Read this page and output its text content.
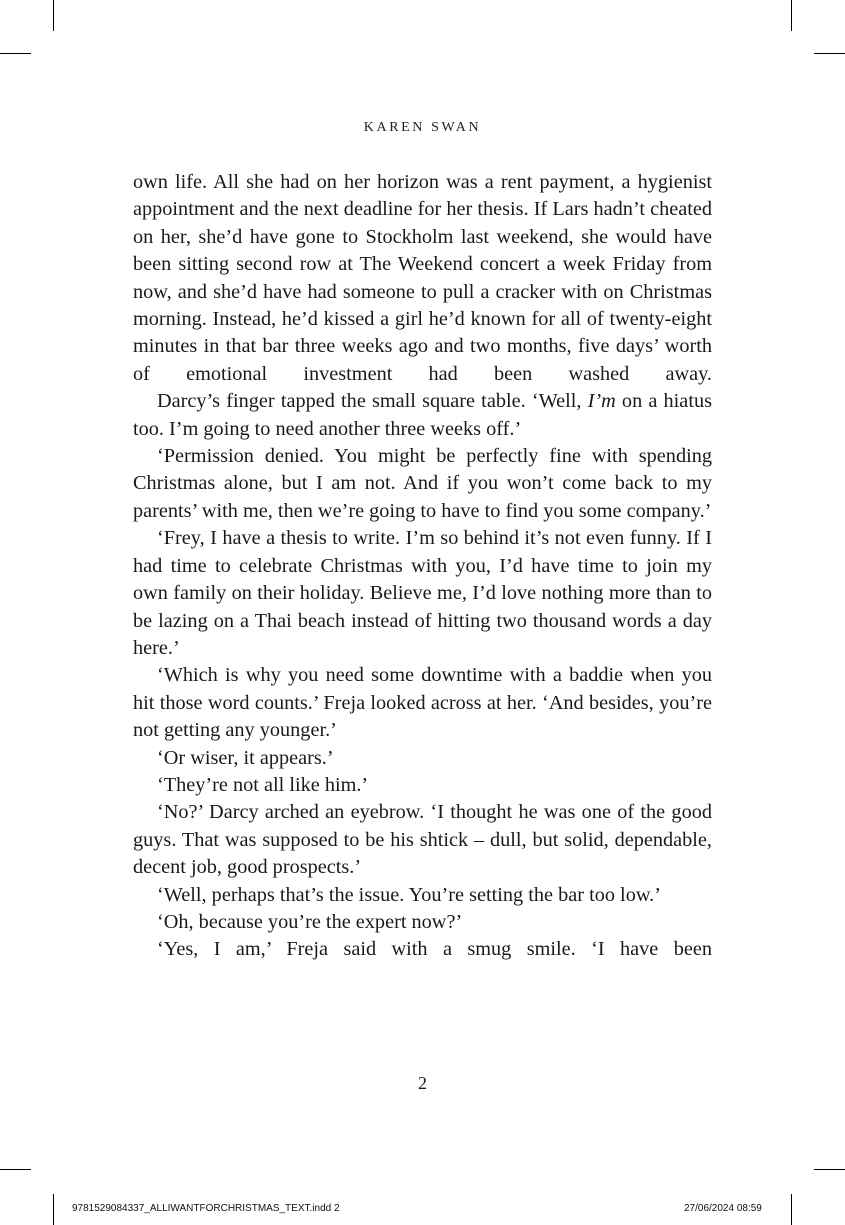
KAREN SWAN

own life. All she had on her horizon was a rent payment, a hygienist appointment and the next deadline for her thesis. If Lars hadn’t cheated on her, she’d have gone to Stockholm last weekend, she would have been sitting second row at The Weekend concert a week Friday from now, and she’d have had someone to pull a cracker with on Christmas morning. Instead, he’d kissed a girl he’d known for all of twenty-eight minutes in that bar three weeks ago and two months, five days’ worth of emotional investment had been washed away.

Darcy’s finger tapped the small square table. ‘Well, I’m on a hiatus too. I’m going to need another three weeks off.’

‘Permission denied. You might be perfectly fine with spending Christmas alone, but I am not. And if you won’t come back to my parents’ with me, then we’re going to have to find you some company.’

‘Frey, I have a thesis to write. I’m so behind it’s not even funny. If I had time to celebrate Christmas with you, I’d have time to join my own family on their holiday. Believe me, I’d love nothing more than to be lazing on a Thai beach instead of hitting two thousand words a day here.’

‘Which is why you need some downtime with a baddie when you hit those word counts.’ Freja looked across at her. ‘And besides, you’re not getting any younger.’

‘Or wiser, it appears.’

‘They’re not all like him.’

‘No?’ Darcy arched an eyebrow. ‘I thought he was one of the good guys. That was supposed to be his shtick – dull, but solid, dependable, decent job, good prospects.’

‘Well, perhaps that’s the issue. You’re setting the bar too low.’

‘Oh, because you’re the expert now?’

‘Yes, I am,’ Freja said with a smug smile. ‘I have been

2
9781529084337_ALLIWANTFORCHRISTMAS_TEXT.indd 2	27/06/2024 08:59
